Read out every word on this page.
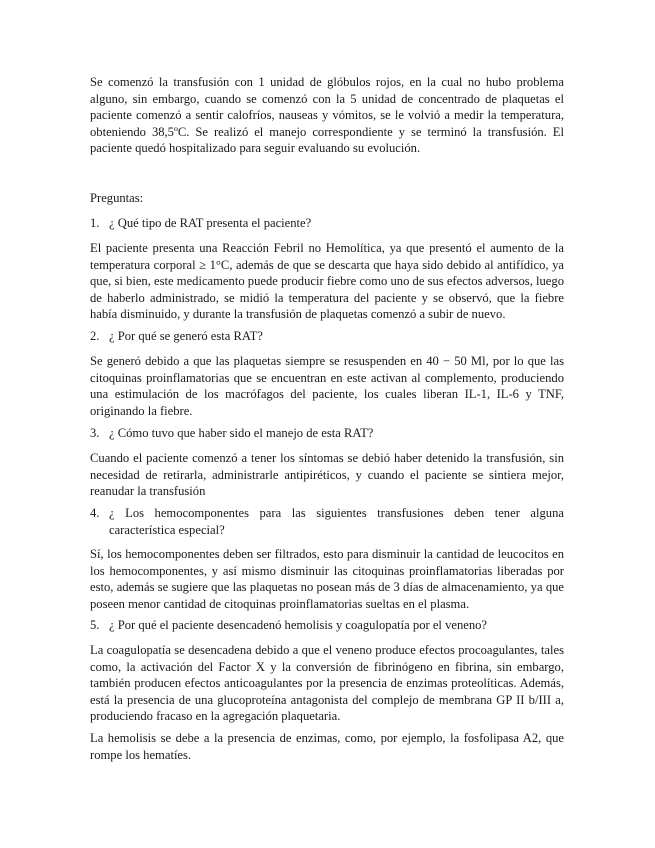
Se comenzó la transfusión con 1 unidad de glóbulos rojos, en la cual no hubo problema alguno, sin embargo, cuando se comenzó con la 5 unidad de concentrado de plaquetas el paciente comenzó a sentir calofríos, nauseas y vómitos, se le volvió a medir la temperatura, obteniendo 38,5ºC. Se realizó el manejo correspondiente y se terminó la transfusión. El paciente quedó hospitalizado para seguir evaluando su evolución.

Preguntas:

1. ¿ Qué tipo de RAT presenta el paciente?

El paciente presenta una Reacción Febril no Hemolítica, ya que presentó el aumento de la temperatura corporal ≥ 1°C, además de que se descarta que haya sido debido al antifídico, ya que, si bien, este medicamento puede producir fiebre como uno de sus efectos adversos, luego de haberlo administrado, se midió la temperatura del paciente y se observó, que la fiebre había disminuido, y durante la transfusión de plaquetas comenzó a subir de nuevo.

2. ¿ Por qué se generó esta RAT?

Se generó debido a que las plaquetas siempre se resuspenden en 40 − 50 Ml, por lo que las citoquinas proinflamatorias que se encuentran en este activan al complemento, produciendo una estimulación de los macrófagos del paciente, los cuales liberan IL-1, IL-6 y TNF, originando la fiebre.

3. ¿ Cómo tuvo que haber sido el manejo de esta RAT?

Cuando el paciente comenzó a tener los síntomas se debió haber detenido la transfusión, sin necesidad de retirarla, administrarle antipiréticos, y cuando el paciente se sintiera mejor, reanudar la transfusión

4. ¿ Los hemocomponentes para las siguientes transfusiones deben tener alguna característica especial?

Sí, los hemocomponentes deben ser filtrados, esto para disminuir la cantidad de leucocitos en los hemocomponentes, y así mismo disminuir las citoquinas proinflamatorias liberadas por esto, además se sugiere que las plaquetas no posean más de 3 días de almacenamiento, ya que poseen menor cantidad de citoquinas proinflamatorias sueltas en el plasma.

5. ¿ Por qué el paciente desencadenó hemolisis y coagulopatía por el veneno?

La coagulopatía se desencadena debido a que el veneno produce efectos procoagulantes, tales como, la activación del Factor X y la conversión de fibrinógeno en fibrina, sin embargo, también producen efectos anticoagulantes por la presencia de enzimas proteolíticas. Además, está la presencia de una glucoproteína antagonista del complejo de membrana GP II b/III a, produciendo fracaso en la agregación plaquetaria.

La hemolisis se debe a la presencia de enzimas, como, por ejemplo, la fosfolipasa A2, que rompe los hematíes.
